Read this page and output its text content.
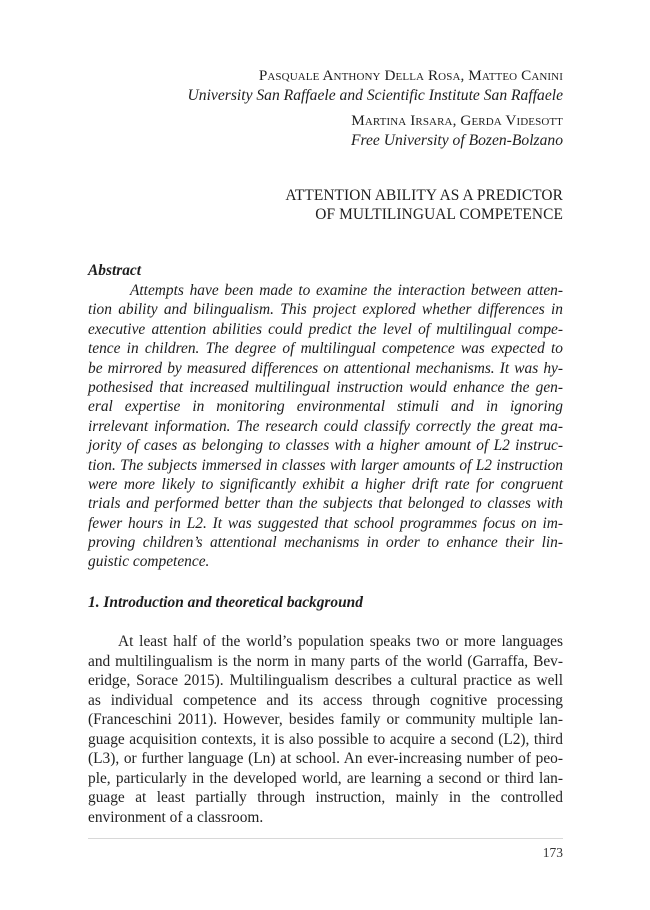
Pasquale Anthony Della Rosa, Matteo Canini
University San Raffaele and Scientific Institute San Raffaele
Martina Irsara, Gerda Videsott
Free University of Bozen-Bolzano
ATTENTION ABILITY AS A PREDICTOR
OF MULTILINGUAL COMPETENCE
Abstract
Attempts have been made to examine the interaction between atten-
tion ability and bilingualism. This project explored whether differences in
executive attention abilities could predict the level of multilingual compe-
tence in children. The degree of multilingual competence was expected to
be mirrored by measured differences on attentional mechanisms. It was hy-
pothesised that increased multilingual instruction would enhance the gen-
eral expertise in monitoring environmental stimuli and in ignoring
irrelevant information. The research could classify correctly the great ma-
jority of cases as belonging to classes with a higher amount of L2 instruc-
tion. The subjects immersed in classes with larger amounts of L2 instruction
were more likely to significantly exhibit a higher drift rate for congruent
trials and performed better than the subjects that belonged to classes with
fewer hours in L2. It was suggested that school programmes focus on im-
proving children’s attentional mechanisms in order to enhance their lin-
guistic competence.
1. Introduction and theoretical background
At least half of the world’s population speaks two or more languages
and multilingualism is the norm in many parts of the world (Garraffa, Bev-
eridge, Sorace 2015). Multilingualism describes a cultural practice as well
as individual competence and its access through cognitive processing
(Franceschini 2011). However, besides family or community multiple lan-
guage acquisition contexts, it is also possible to acquire a second (L2), third
(L3), or further language (Ln) at school. An ever-increasing number of peo-
ple, particularly in the developed world, are learning a second or third lan-
guage at least partially through instruction, mainly in the controlled
environment of a classroom.
173
